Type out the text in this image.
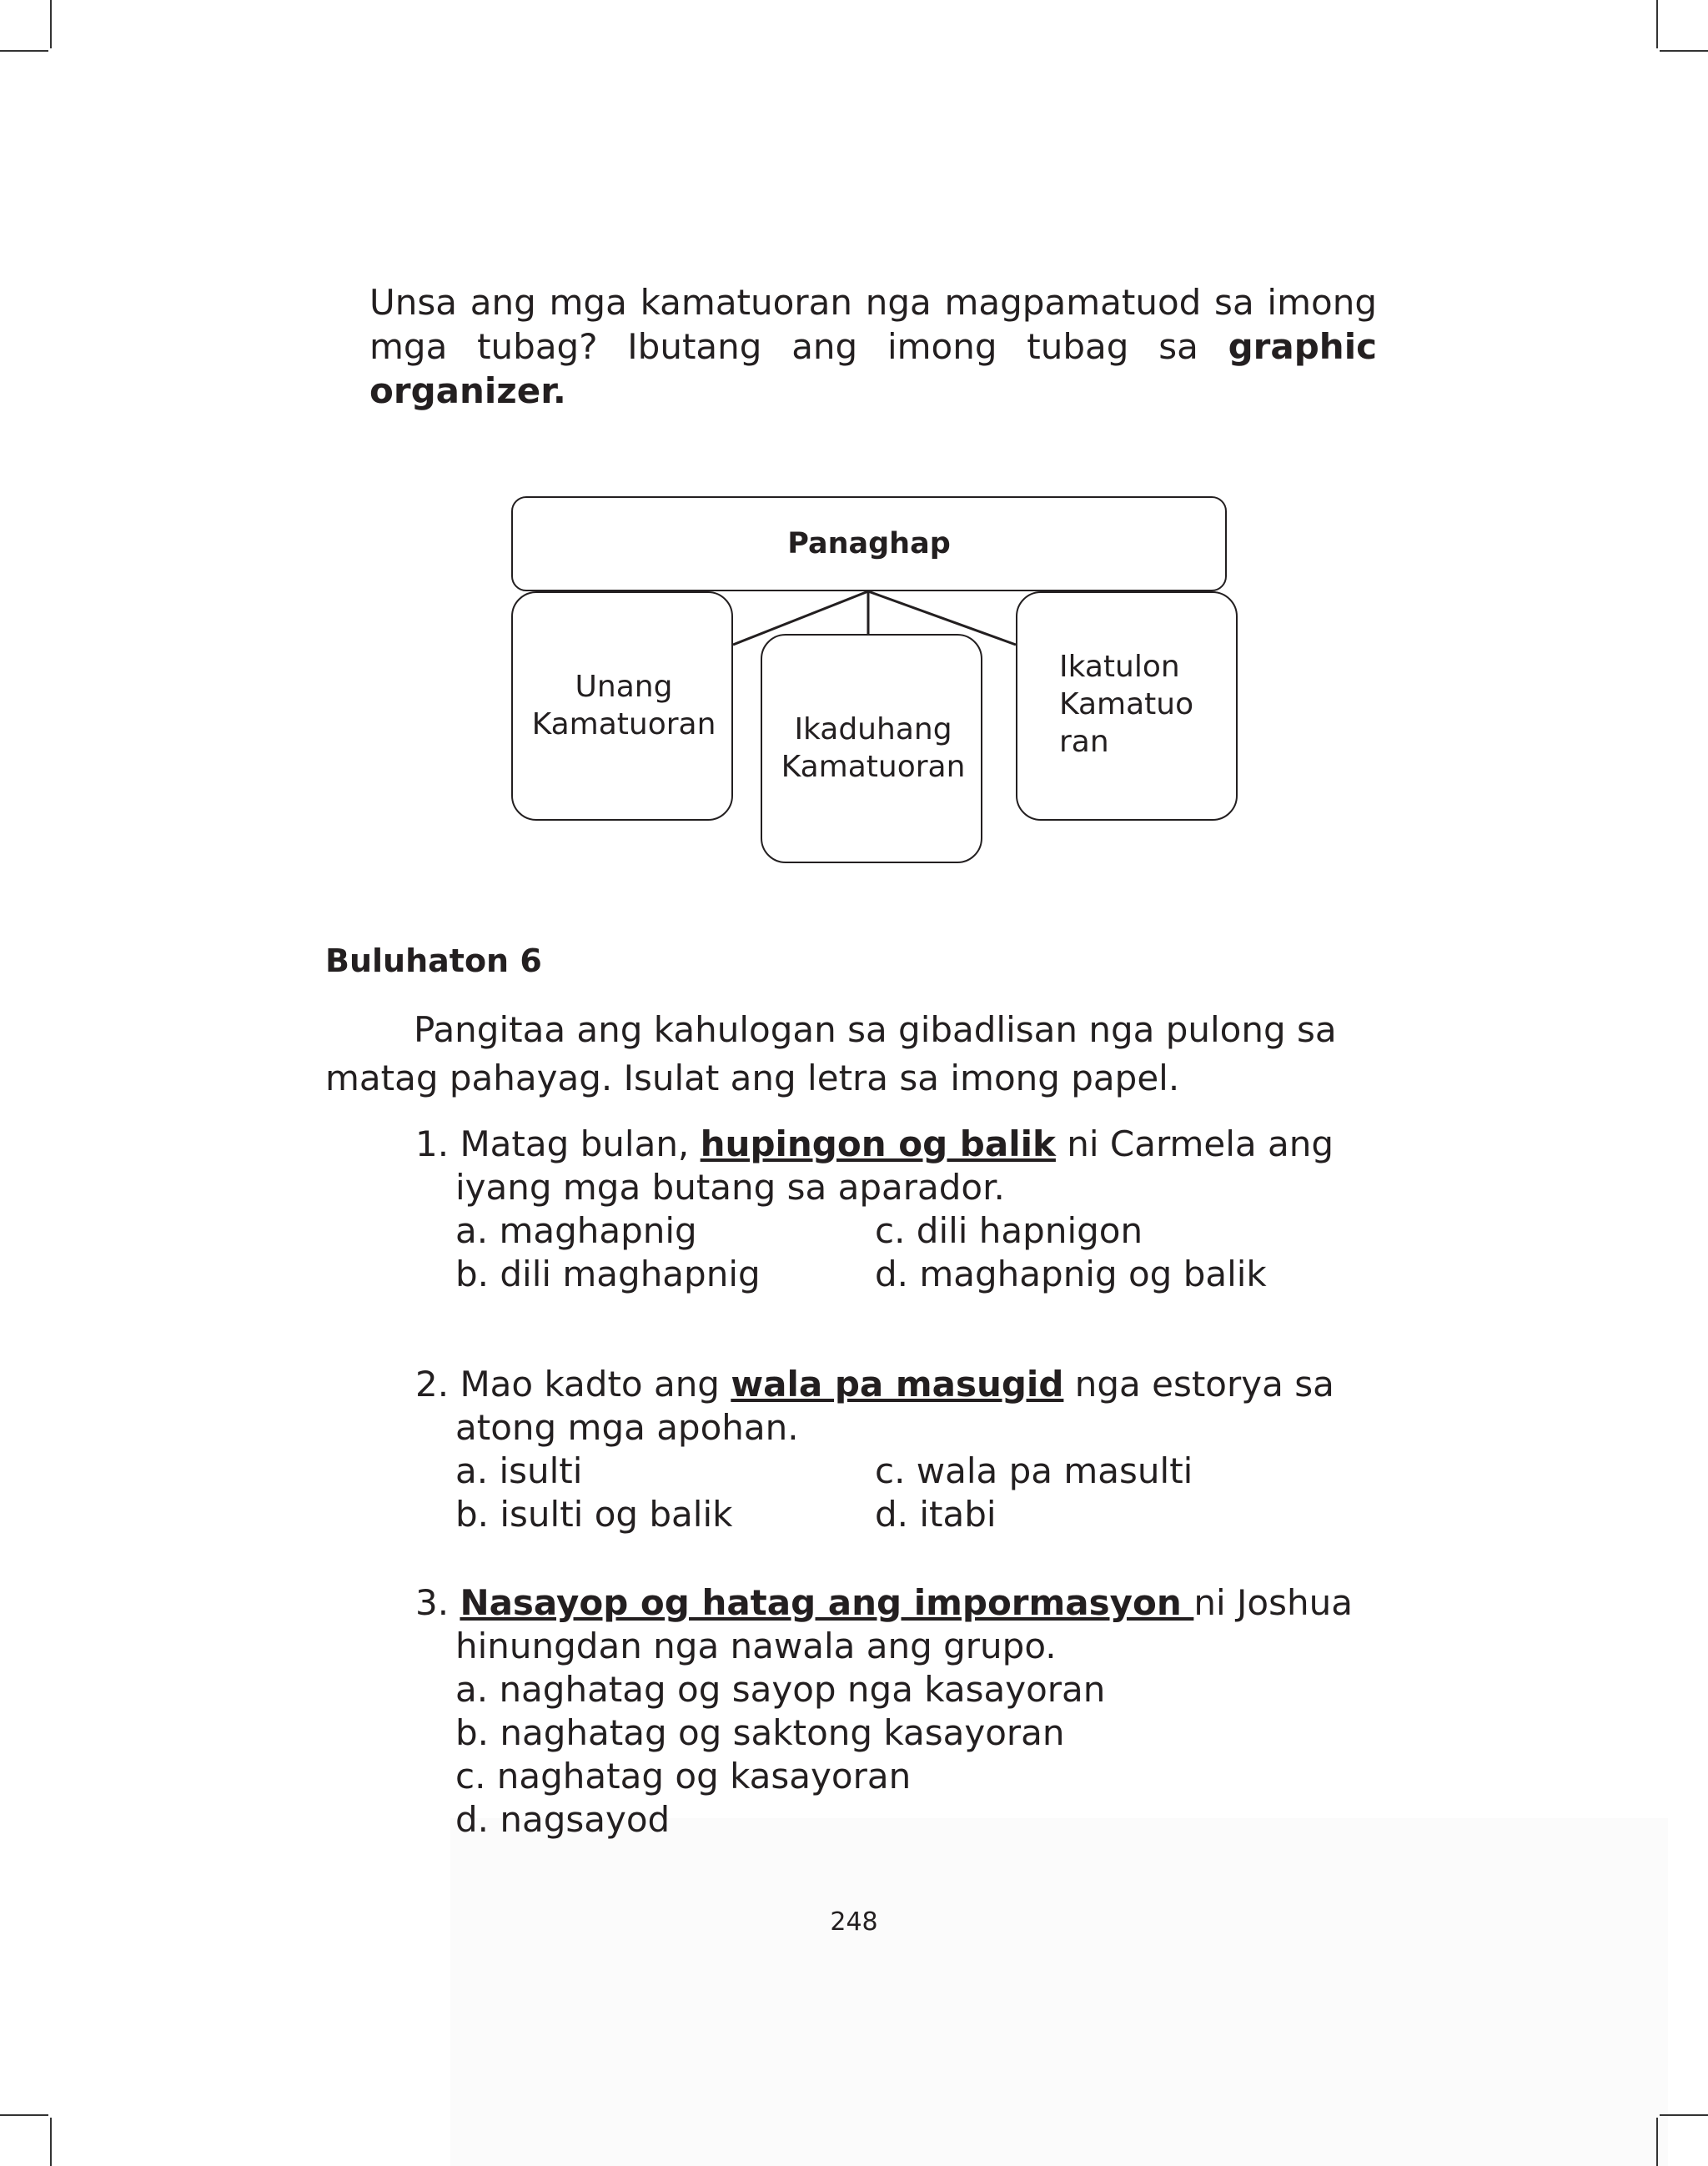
Unsa ang mga kamatuoran nga magpamatuod sa imong mga tubag? Ibutang ang imong tubag sa graphic organizer.

Unang
Kamatuoran
Ikatulon
Kamatuo
ran
Panaghap
Ikaduhang
Kamatuoran
Buluhaton 6

Pangitaa ang kahulogan sa gibadlisan nga pulong sa matag pahayag. Isulat ang letra sa imong papel.

1. Matag bulan, hupingon og balik ni Carmela ang
iyang mga butang sa aparador.
a. maghapnig	c. dili hapnigon
b. dili maghapnig	d. maghapnig og balik
2. Mao kadto ang wala pa masugid nga estorya sa
atong mga apohan.
a. isulti	c. wala pa masulti
b. isulti og balik	d. itabi
3. Nasayop og hatag ang impormasyon ni Joshua
hinungdan nga nawala ang grupo.
a. naghatag og sayop nga kasayoran
b. naghatag og saktong kasayoran
c. naghatag og kasayoran
d. nagsayod
248
